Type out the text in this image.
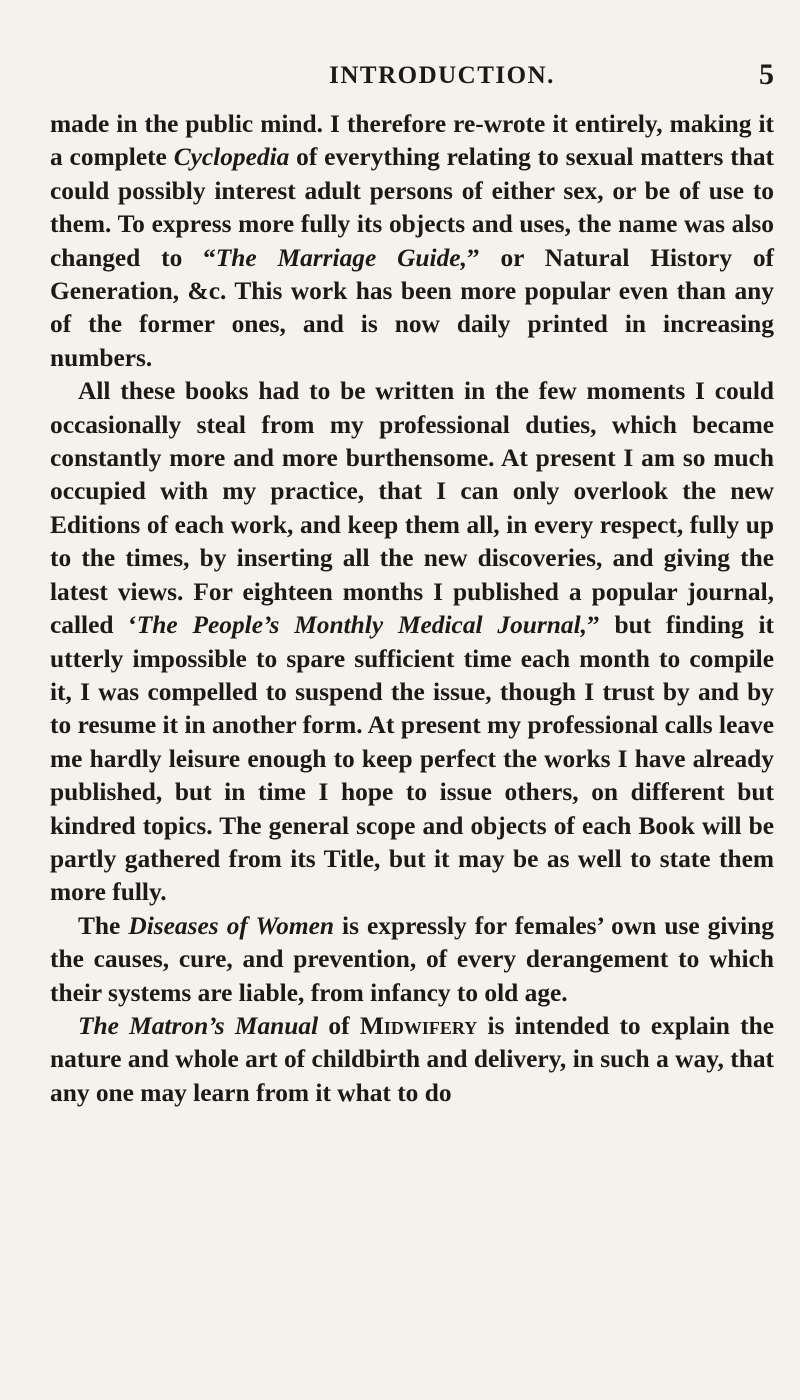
INTRODUCTION.	5

made in the public mind. I therefore re-wrote it entirely, making it a complete Cyclopedia of everything relating to sexual matters that could possibly interest adult persons of either sex, or be of use to them. To express more fully its objects and uses, the name was also changed to “The Marriage Guide,” or Natural History of Generation, &c. This work has been more popular even than any of the former ones, and is now daily printed in increasing numbers.

All these books had to be written in the few moments I could occasionally steal from my professional duties, which became constantly more and more burthensome. At present I am so much occupied with my practice, that I can only overlook the new Editions of each work, and keep them all, in every respect, fully up to the times, by inserting all the new discoveries, and giving the latest views. For eighteen months I published a popular journal, called ‘The People’s Monthly Medical Journal,” but finding it utterly impossible to spare sufficient time each month to compile it, I was compelled to suspend the issue, though I trust by and by to resume it in another form. At present my professional calls leave me hardly leisure enough to keep perfect the works I have already published, but in time I hope to issue others, on different but kindred topics. The general scope and objects of each Book will be partly gathered from its Title, but it may be as well to state them more fully.

The Diseases of Women is expressly for females’ own use giving the causes, cure, and prevention, of every derangement to which their systems are liable, from infancy to old age.

The Matron’s Manual of Midwifery is intended to explain the nature and whole art of childbirth and delivery, in such a way, that any one may learn from it what to do
